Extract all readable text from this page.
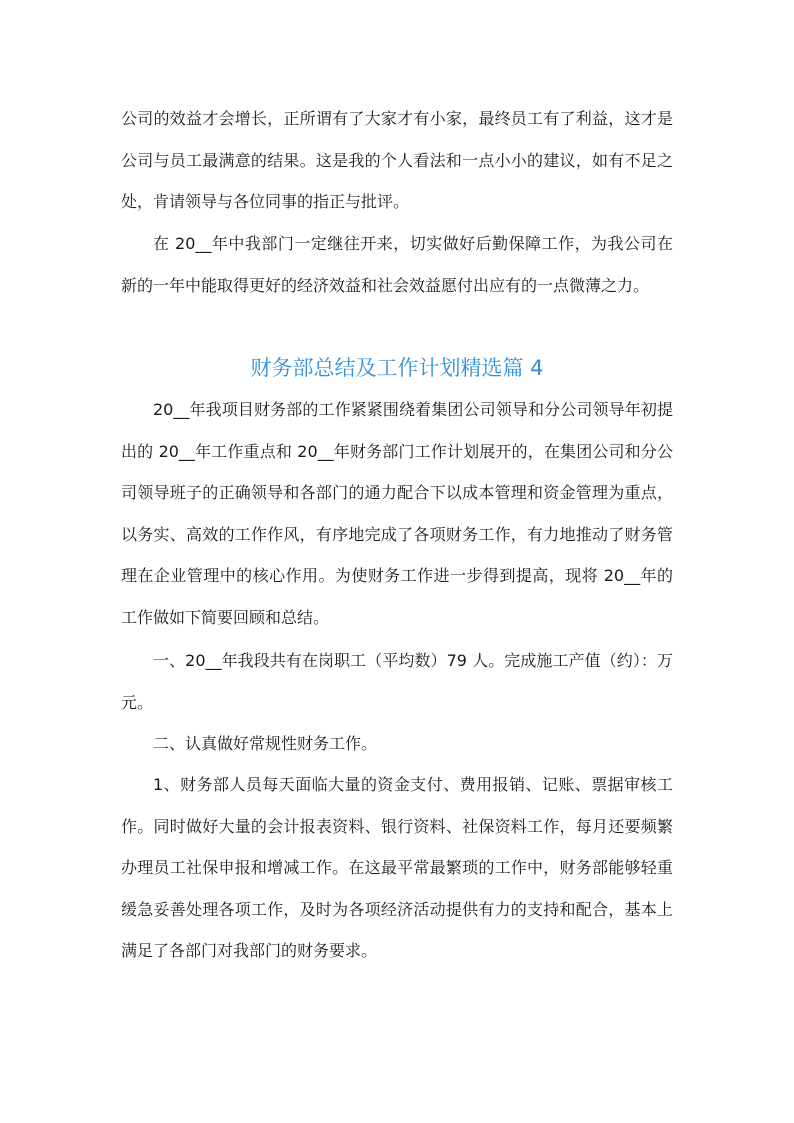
公司的效益才会增长，正所谓有了大家才有小家，最终员工有了利益，这才是公司与员工最满意的结果。这是我的个人看法和一点小小的建议，如有不足之处，肯请领导与各位同事的指正与批评。

在 20__年中我部门一定继往开来，切实做好后勤保障工作，为我公司在新的一年中能取得更好的经济效益和社会效益愿付出应有的一点微薄之力。

财务部总结及工作计划精选篇 4

20__年我项目财务部的工作紧紧围绕着集团公司领导和分公司领导年初提出的 20__年工作重点和 20__年财务部门工作计划展开的，在集团公司和分公司领导班子的正确领导和各部门的通力配合下以成本管理和资金管理为重点，以务实、高效的工作作风，有序地完成了各项财务工作，有力地推动了财务管理在企业管理中的核心作用。为使财务工作进一步得到提高，现将 20__年的工作做如下简要回顾和总结。

一、20__年我段共有在岗职工（平均数）79 人。完成施工产值（约）：万元。

二、认真做好常规性财务工作。

1、财务部人员每天面临大量的资金支付、费用报销、记账、票据审核工作。同时做好大量的会计报表资料、银行资料、社保资料工作，每月还要频繁办理员工社保申报和增减工作。在这最平常最繁琐的工作中，财务部能够轻重缓急妥善处理各项工作，及时为各项经济活动提供有力的支持和配合，基本上满足了各部门对我部门的财务要求。
